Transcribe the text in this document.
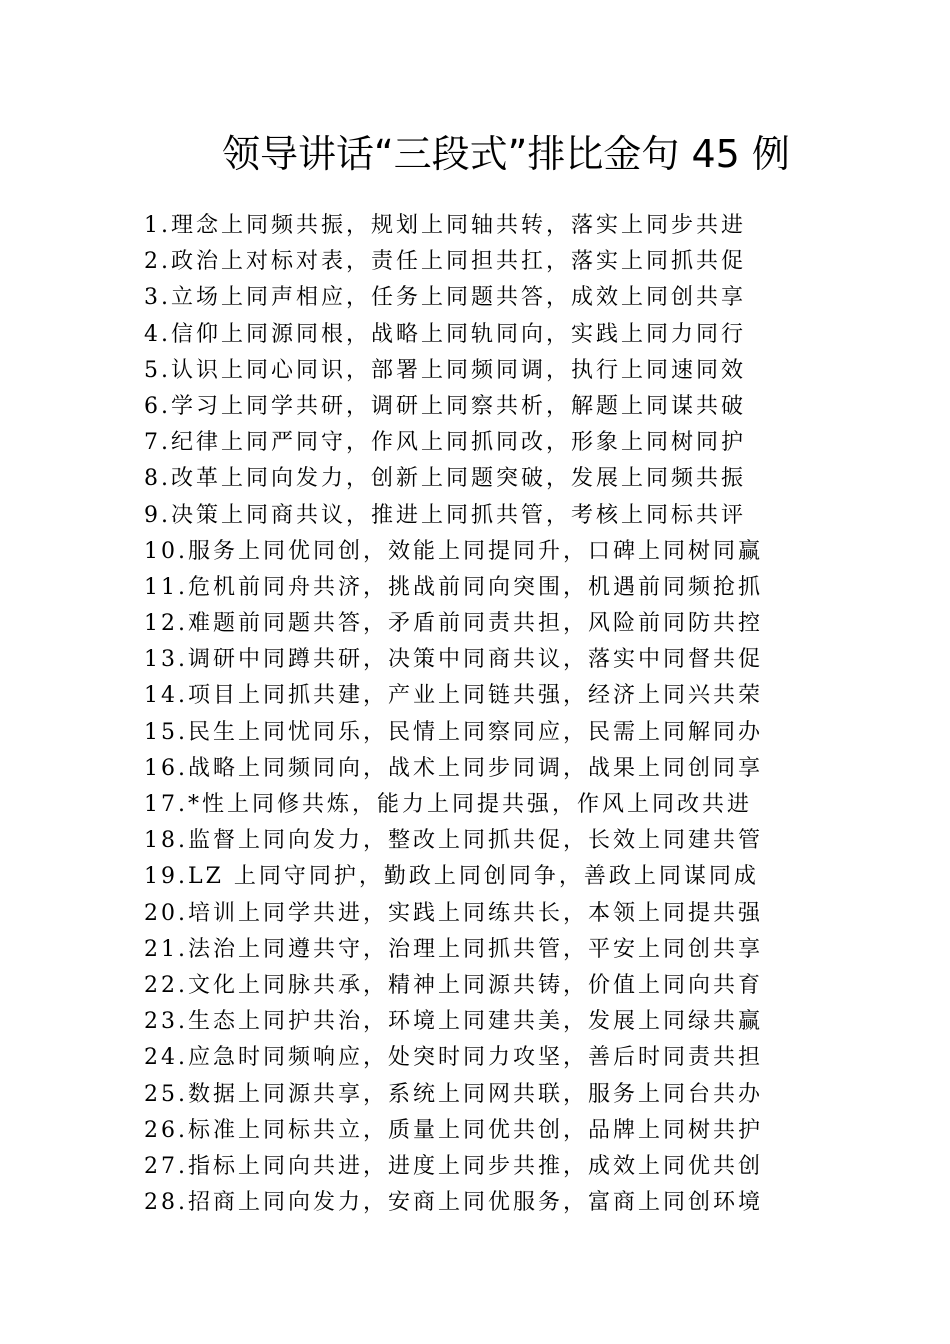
领导讲话“三段式”排比金句 45 例
1.理念上同频共振，规划上同轴共转，落实上同步共进
2.政治上对标对表，责任上同担共扛，落实上同抓共促
3.立场上同声相应，任务上同题共答，成效上同创共享
4.信仰上同源同根，战略上同轨同向，实践上同力同行
5.认识上同心同识，部署上同频同调，执行上同速同效
6.学习上同学共研，调研上同察共析，解题上同谋共破
7.纪律上同严同守，作风上同抓同改，形象上同树同护
8.改革上同向发力，创新上同题突破，发展上同频共振
9.决策上同商共议，推进上同抓共管，考核上同标共评
10.服务上同优同创，效能上同提同升，口碑上同树同赢
11.危机前同舟共济，挑战前同向突围，机遇前同频抢抓
12.难题前同题共答，矛盾前同责共担，风险前同防共控
13.调研中同蹲共研，决策中同商共议，落实中同督共促
14.项目上同抓共建，产业上同链共强，经济上同兴共荣
15.民生上同忧同乐，民情上同察同应，民需上同解同办
16.战略上同频同向，战术上同步同调，战果上同创同享
17.*性上同修共炼，能力上同提共强，作风上同改共进
18.监督上同向发力，整改上同抓共促，长效上同建共管
19.LZ 上同守同护，勤政上同创同争，善政上同谋同成
20.培训上同学共进，实践上同练共长，本领上同提共强
21.法治上同遵共守，治理上同抓共管，平安上同创共享
22.文化上同脉共承，精神上同源共铸，价值上同向共育
23.生态上同护共治，环境上同建共美，发展上同绿共赢
24.应急时同频响应，处突时同力攻坚，善后时同责共担
25.数据上同源共享，系统上同网共联，服务上同台共办
26.标准上同标共立，质量上同优共创，品牌上同树共护
27.指标上同向共进，进度上同步共推，成效上同优共创
28.招商上同向发力，安商上同优服务，富商上同创环境
